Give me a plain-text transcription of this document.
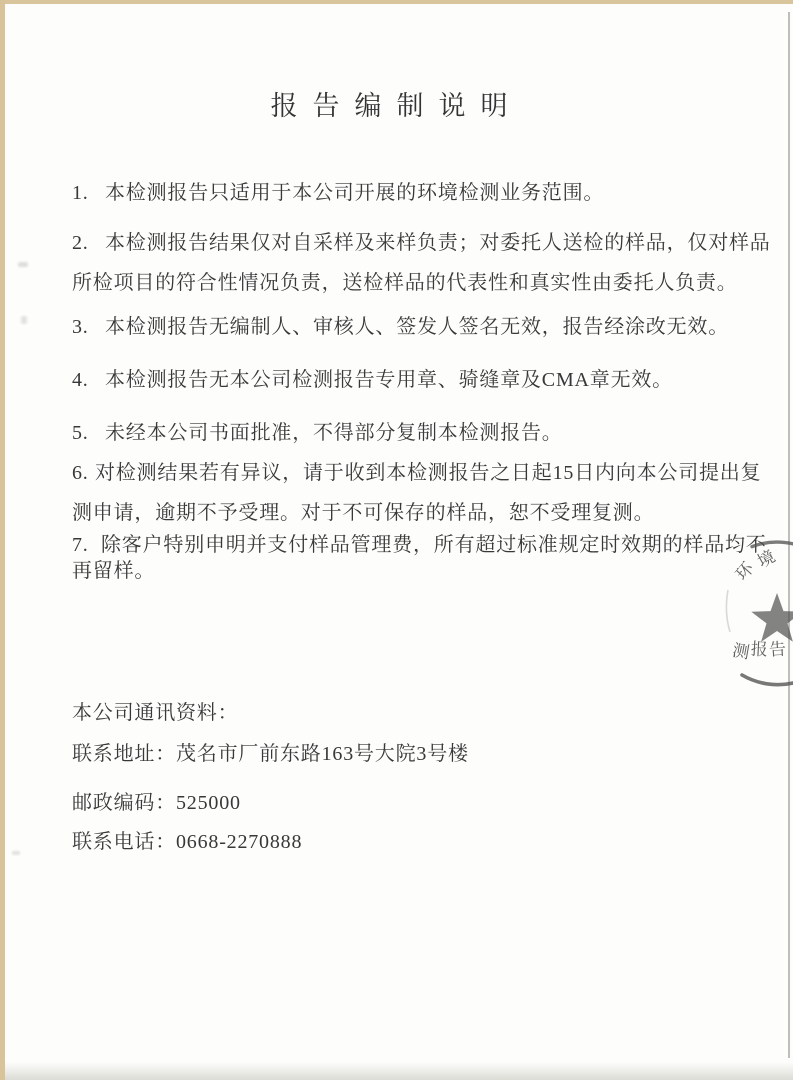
报告编制说明
1. 本检测报告只适用于本公司开展的环境检测业务范围。
2. 本检测报告结果仅对自采样及来样负责；对委托人送检的样品，仅对样品
所检项目的符合性情况负责，送检样品的代表性和真实性由委托人负责。
3. 本检测报告无编制人、审核人、签发人签名无效，报告经涂改无效。
4. 本检测报告无本公司检测报告专用章、骑缝章及CMA章无效。
5. 未经本公司书面批准，不得部分复制本检测报告。
6. 对检测结果若有异议，请于收到本检测报告之日起15日内向本公司提出复
测申请，逾期不予受理。对于不可保存的样品，恕不受理复测。
7. 除客户特别申明并支付样品管理费，所有超过标准规定时效期的样品均不
再留样。
本公司通讯资料：
联系地址：茂名市厂前东路163号大院3号楼
邮政编码：525000
联系电话：0668-2270888
环
境
测 报 告
